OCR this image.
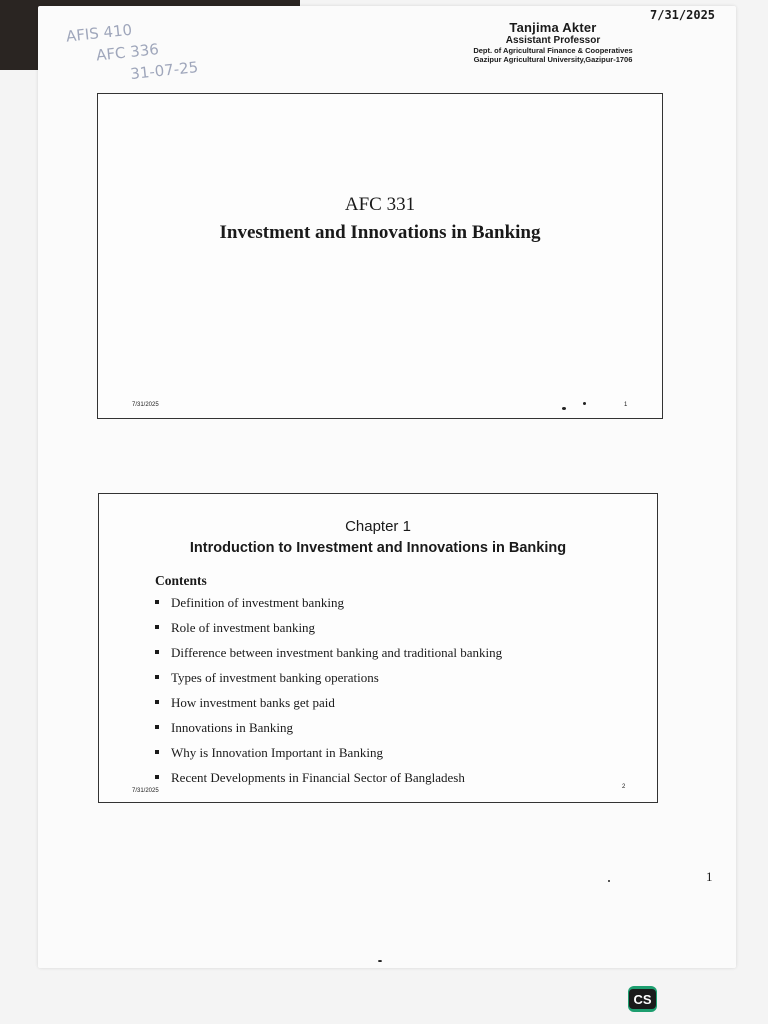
AFIS 410
AFC 336
31-07-25
7/31/2025
Tanjima Akter
Assistant Professor
Dept. of Agricultural Finance & Cooperatives
Gazipur Agricultural University,Gazipur-1706
AFC 331
Investment and Innovations in Banking
7/31/2025	1
Chapter 1
Introduction to Investment and Innovations in Banking
Contents
Definition of investment banking
Role of investment banking
Difference between investment banking and traditional banking
Types of investment banking operations
How investment banks get paid
Innovations in Banking
Why is Innovation Important in Banking
Recent Developments in Financial Sector of Bangladesh
7/31/2025
2
1
CS
